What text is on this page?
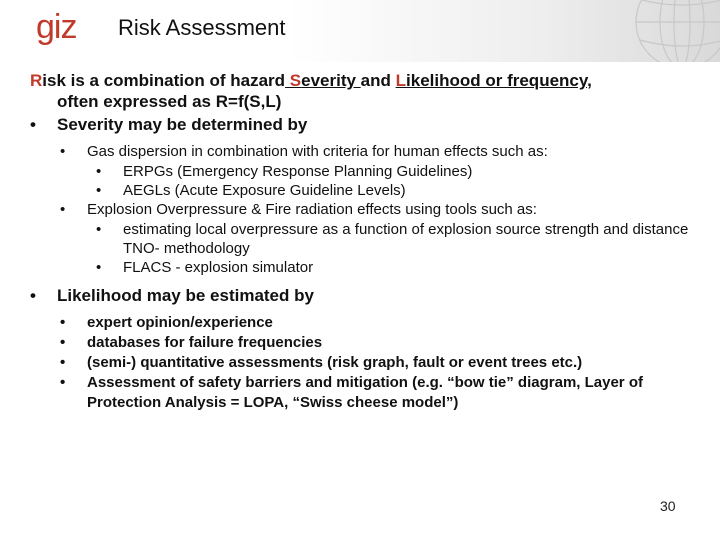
giz Risk Assessment
Risk is a combination of hazard Severity and Likelihood or frequency,
often expressed as R=f(S,L)
• Severity may be determined by
• Gas dispersion in combination with criteria for human effects such as:
• ERPGs (Emergency Response Planning Guidelines)
• AEGLs (Acute Exposure Guideline Levels)
• Explosion Overpressure & Fire radiation effects using tools such as:
• estimating local overpressure as a function of explosion source strength and distance TNO- methodology
• FLACS - explosion simulator
• Likelihood may be estimated by
• expert opinion/experience
• databases for failure frequencies
• (semi-) quantitative assessments (risk graph, fault or event trees etc.)
• Assessment of safety barriers and mitigation (e.g. “bow tie” diagram, Layer of Protection Analysis = LOPA, “Swiss cheese model”)
30
